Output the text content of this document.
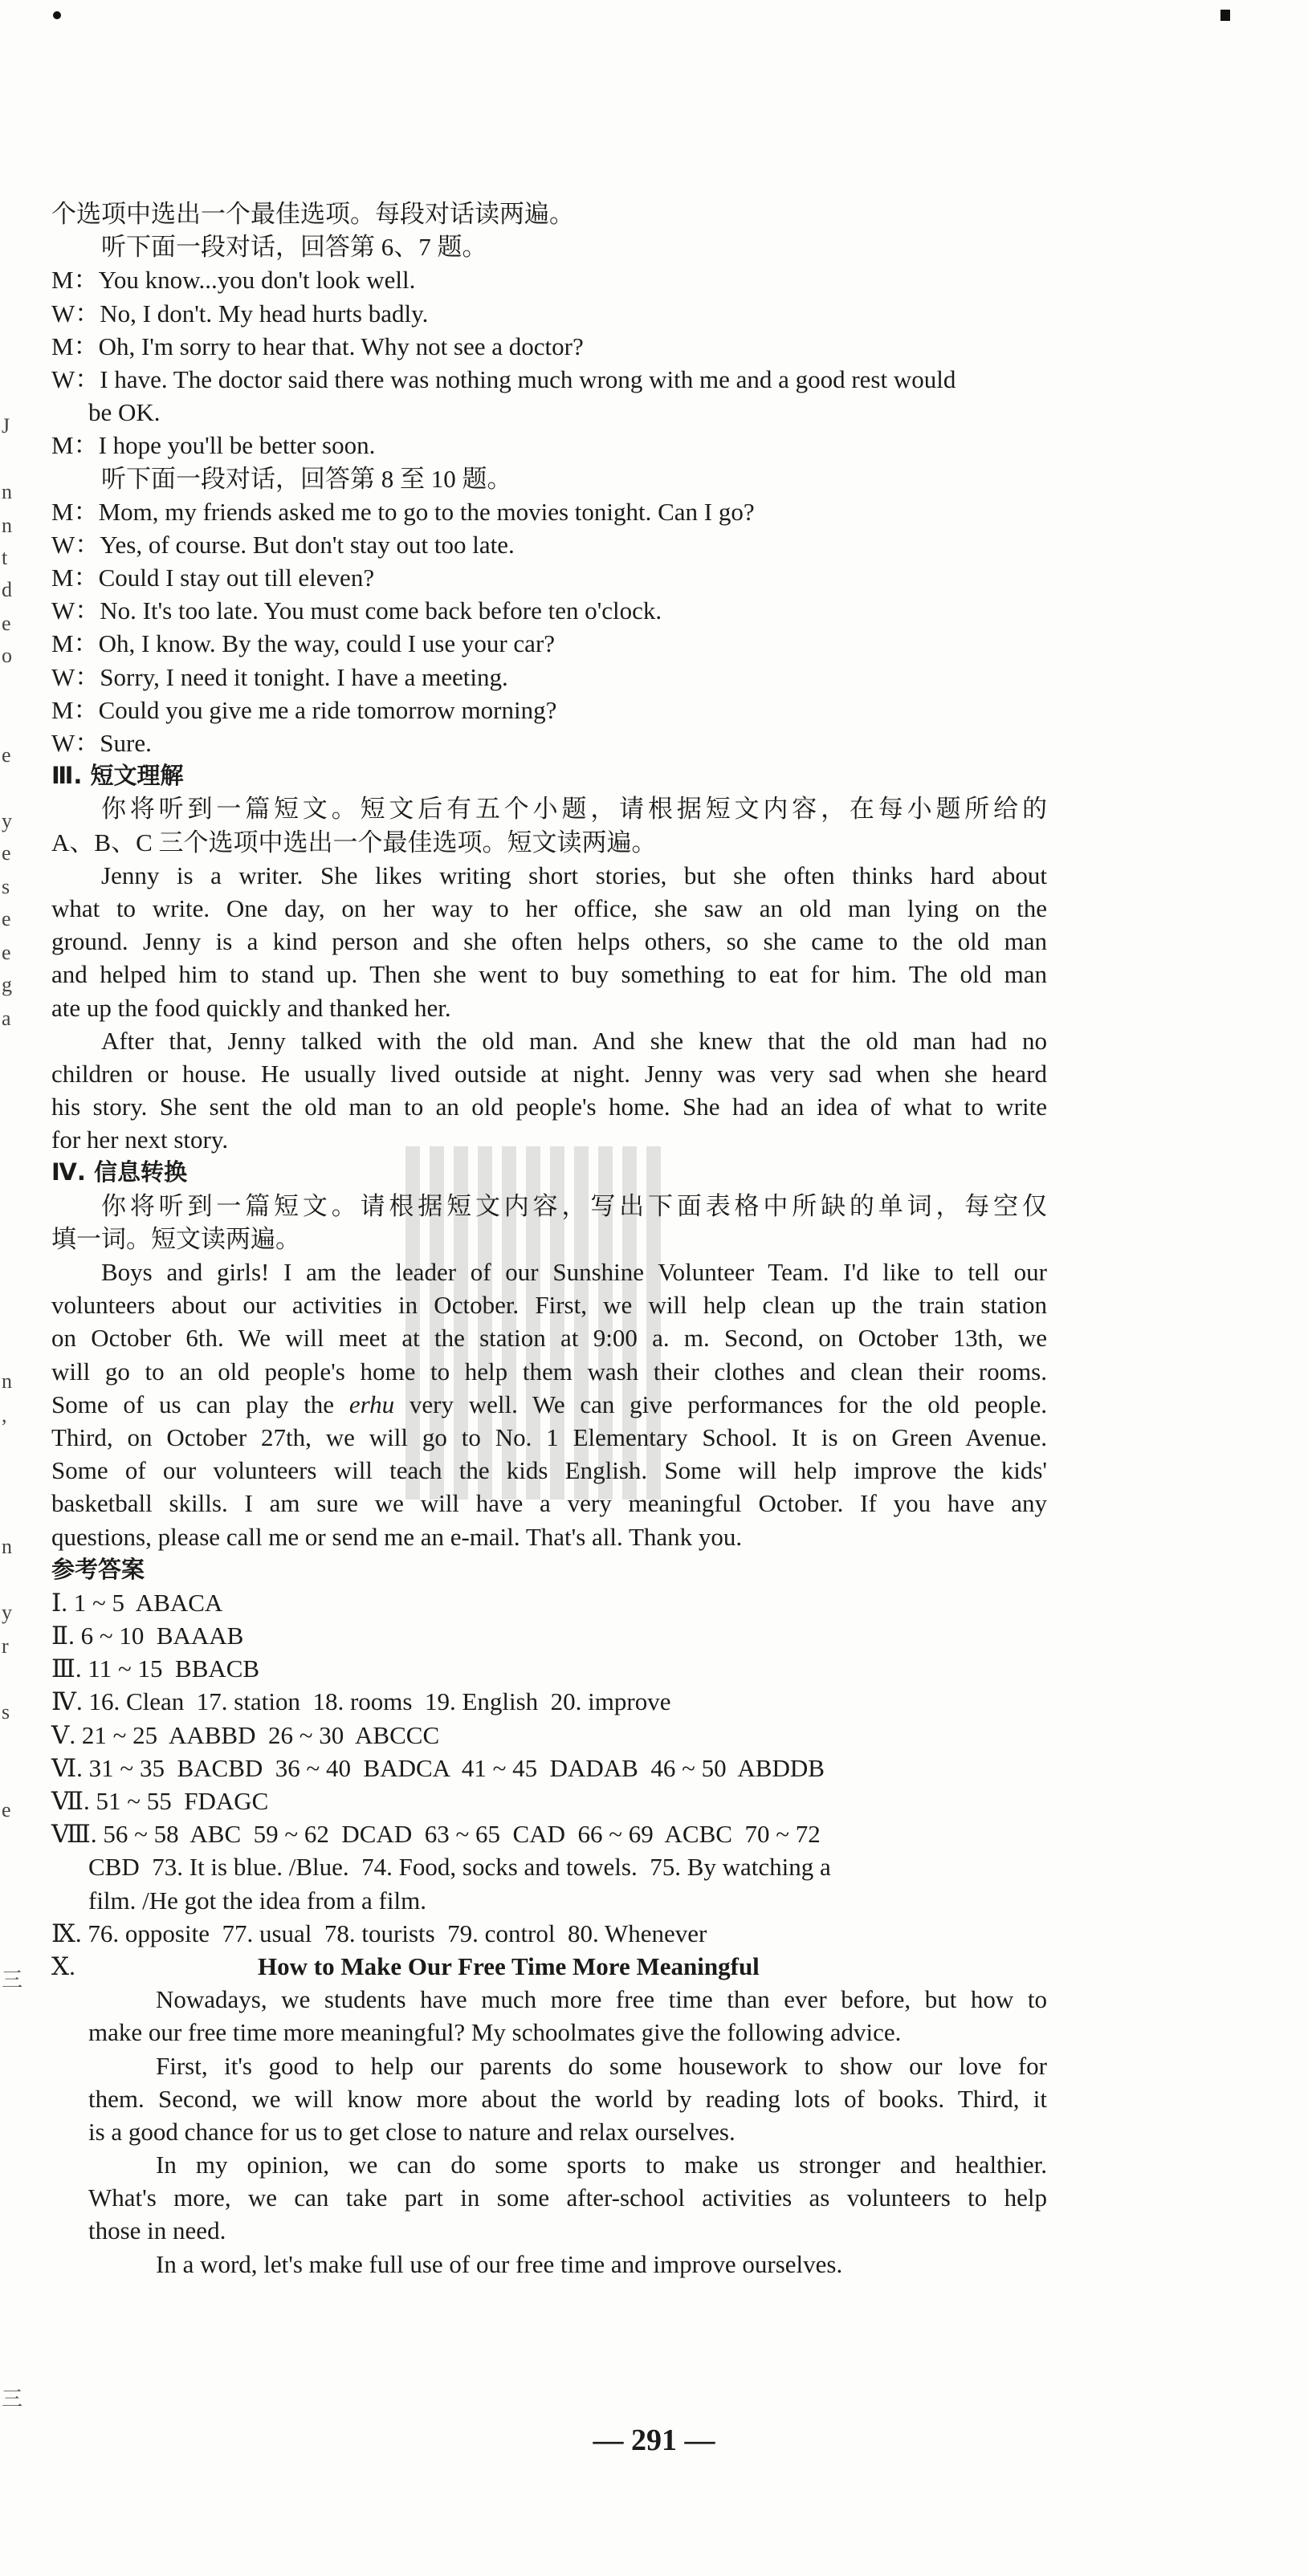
J
n
n
t
d
e
o
e
y
e
s
e
e
g
a
n
,
n
y
r
s
e
三
三
个选项中选出一个最佳选项。每段对话读两遍。
听下面一段对话，回答第 6、7 题。
M：You know...you don't look well.
W：No, I don't. My head hurts badly.
M：Oh, I'm sorry to hear that. Why not see a doctor?
W：I have. The doctor said there was nothing much wrong with me and a good rest would
be OK.
M：I hope you'll be better soon.
听下面一段对话，回答第 8 至 10 题。
M：Mom, my friends asked me to go to the movies tonight. Can I go?
W：Yes, of course. But don't stay out too late.
M：Could I stay out till eleven?
W：No. It's too late. You must come back before ten o'clock.
M：Oh, I know. By the way, could I use your car?
W：Sorry, I need it tonight. I have a meeting.
M：Could you give me a ride tomorrow morning?
W：Sure.
Ⅲ. 短文理解
你将听到一篇短文。短文后有五个小题，请根据短文内容，在每小题所给的
A、B、C 三个选项中选出一个最佳选项。短文读两遍。
Jenny is a writer. She likes writing short stories, but she often thinks hard about
what to write. One day, on her way to her office, she saw an old man lying on the
ground. Jenny is a kind person and she often helps others, so she came to the old man
and helped him to stand up. Then she went to buy something to eat for him. The old man
ate up the food quickly and thanked her.
After that, Jenny talked with the old man. And she knew that the old man had no
children or house. He usually lived outside at night. Jenny was very sad when she heard
his story. She sent the old man to an old people's home. She had an idea of what to write
for her next story.
Ⅳ. 信息转换
你将听到一篇短文。请根据短文内容，写出下面表格中所缺的单词，每空仅
填一词。短文读两遍。
Boys and girls! I am the leader of our Sunshine Volunteer Team. I'd like to tell our
volunteers about our activities in October. First, we will help clean up the train station
on October 6th. We will meet at the station at 9:00 a. m. Second, on October 13th, we
will go to an old people's home to help them wash their clothes and clean their rooms.
Some of us can play the erhu very well. We can give performances for the old people.
Third, on October 27th, we will go to No. 1 Elementary School. It is on Green Avenue.
Some of our volunteers will teach the kids English. Some will help improve the kids'
basketball skills. I am sure we will have a very meaningful October. If you have any
questions, please call me or send me an e-mail. That's all. Thank you.
参考答案
Ⅰ. 1 ~ 5  ABACA
Ⅱ. 6 ~ 10  BAAAB
Ⅲ. 11 ~ 15  BBACB
Ⅳ. 16. Clean  17. station  18. rooms  19. English  20. improve
Ⅴ. 21 ~ 25  AABBD  26 ~ 30  ABCCC
Ⅵ. 31 ~ 35  BACBD  36 ~ 40  BADCA  41 ~ 45  DADAB  46 ~ 50  ABDDB
Ⅶ. 51 ~ 55  FDAGC
Ⅷ. 56 ~ 58  ABC  59 ~ 62  DCAD  63 ~ 65  CAD  66 ~ 69  ACBC  70 ~ 72
CBD  73. It is blue. /Blue.  74. Food, socks and towels.  75. By watching a
film. /He got the idea from a film.
Ⅸ. 76. opposite  77. usual  78. tourists  79. control  80. Whenever
Ⅹ.	How to Make Our Free Time More Meaningful
Nowadays, we students have much more free time than ever before, but how to
make our free time more meaningful? My schoolmates give the following advice.
First, it's good to help our parents do some housework to show our love for
them. Second, we will know more about the world by reading lots of books. Third, it
is a good chance for us to get close to nature and relax ourselves.
In my opinion, we can do some sports to make us stronger and healthier.
What's more, we can take part in some after-school activities as volunteers to help
those in need.
In a word, let's make full use of our free time and improve ourselves.
— 291 —
